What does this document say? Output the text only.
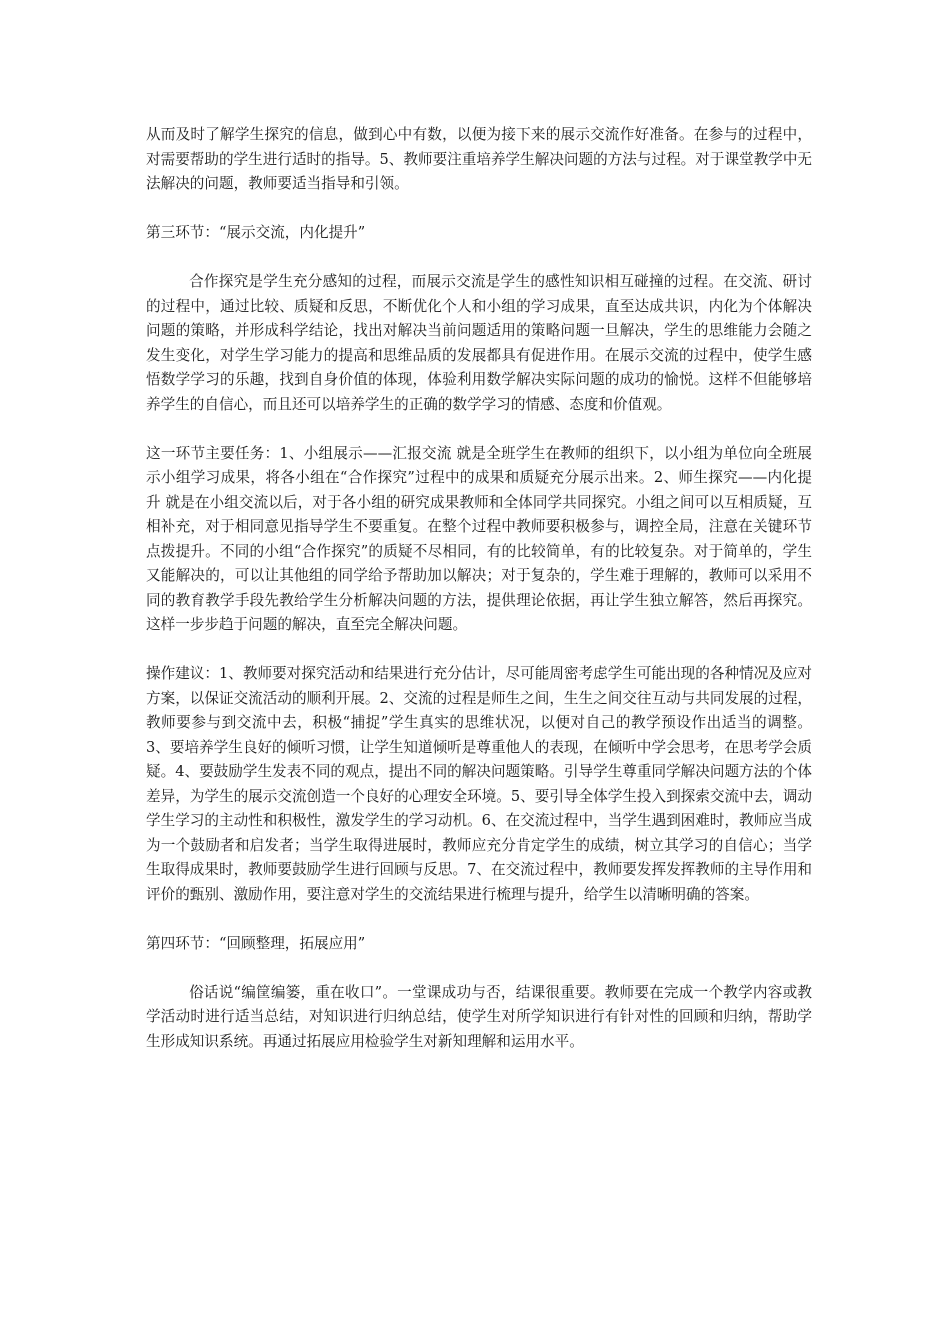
从而及时了解学生探究的信息，做到心中有数，以便为接下来的展示交流作好准备。在参与的过程中，对需要帮助的学生进行适时的指导。5、教师要注重培养学生解决问题的方法与过程。对于课堂教学中无法解决的问题，教师要适当指导和引领。

第三环节：“展示交流，内化提升”

合作探究是学生充分感知的过程，而展示交流是学生的感性知识相互碰撞的过程。在交流、研讨的过程中，通过比较、质疑和反思，不断优化个人和小组的学习成果，直至达成共识，内化为个体解决问题的策略，并形成科学结论，找出对解决当前问题适用的策略问题一旦解决，学生的思维能力会随之发生变化，对学生学习能力的提高和思维品质的发展都具有促进作用。在展示交流的过程中，使学生感悟数学学习的乐趣，找到自身价值的体现，体验利用数学解决实际问题的成功的愉悦。这样不但能够培养学生的自信心，而且还可以培养学生的正确的数学学习的情感、态度和价值观。

这一环节主要任务：1、小组展示——汇报交流 就是全班学生在教师的组织下，以小组为单位向全班展示小组学习成果，将各小组在“合作探究”过程中的成果和质疑充分展示出来。2、师生探究——内化提升 就是在小组交流以后，对于各小组的研究成果教师和全体同学共同探究。小组之间可以互相质疑，互相补充，对于相同意见指导学生不要重复。在整个过程中教师要积极参与，调控全局，注意在关键环节点拨提升。不同的小组“合作探究”的质疑不尽相同，有的比较简单，有的比较复杂。对于简单的，学生又能解决的，可以让其他组的同学给予帮助加以解决；对于复杂的，学生难于理解的，教师可以采用不同的教育教学手段先教给学生分析解决问题的方法，提供理论依据，再让学生独立解答，然后再探究。这样一步步趋于问题的解决，直至完全解决问题。

操作建议：1、教师要对探究活动和结果进行充分估计，尽可能周密考虑学生可能出现的各种情况及应对方案，以保证交流活动的顺利开展。2、交流的过程是师生之间，生生之间交往互动与共同发展的过程，教师要参与到交流中去，积极“捕捉”学生真实的思维状况，以便对自己的教学预设作出适当的调整。3、要培养学生良好的倾听习惯，让学生知道倾听是尊重他人的表现，在倾听中学会思考，在思考学会质疑。4、要鼓励学生发表不同的观点，提出不同的解决问题策略。引导学生尊重同学解决问题方法的个体差异，为学生的展示交流创造一个良好的心理安全环境。5、要引导全体学生投入到探索交流中去，调动学生学习的主动性和积极性，激发学生的学习动机。6、在交流过程中，当学生遇到困难时，教师应当成为一个鼓励者和启发者；当学生取得进展时，教师应充分肯定学生的成绩，树立其学习的自信心；当学生取得成果时，教师要鼓励学生进行回顾与反思。7、在交流过程中，教师要发挥发挥教师的主导作用和评价的甄别、激励作用，要注意对学生的交流结果进行梳理与提升，给学生以清晰明确的答案。

第四环节：“回顾整理，拓展应用”

俗话说“编筐编篓，重在收口”。一堂课成功与否，结课很重要。教师要在完成一个教学内容或教学活动时进行适当总结，对知识进行归纳总结，使学生对所学知识进行有针对性的回顾和归纳，帮助学生形成知识系统。再通过拓展应用检验学生对新知理解和运用水平。
